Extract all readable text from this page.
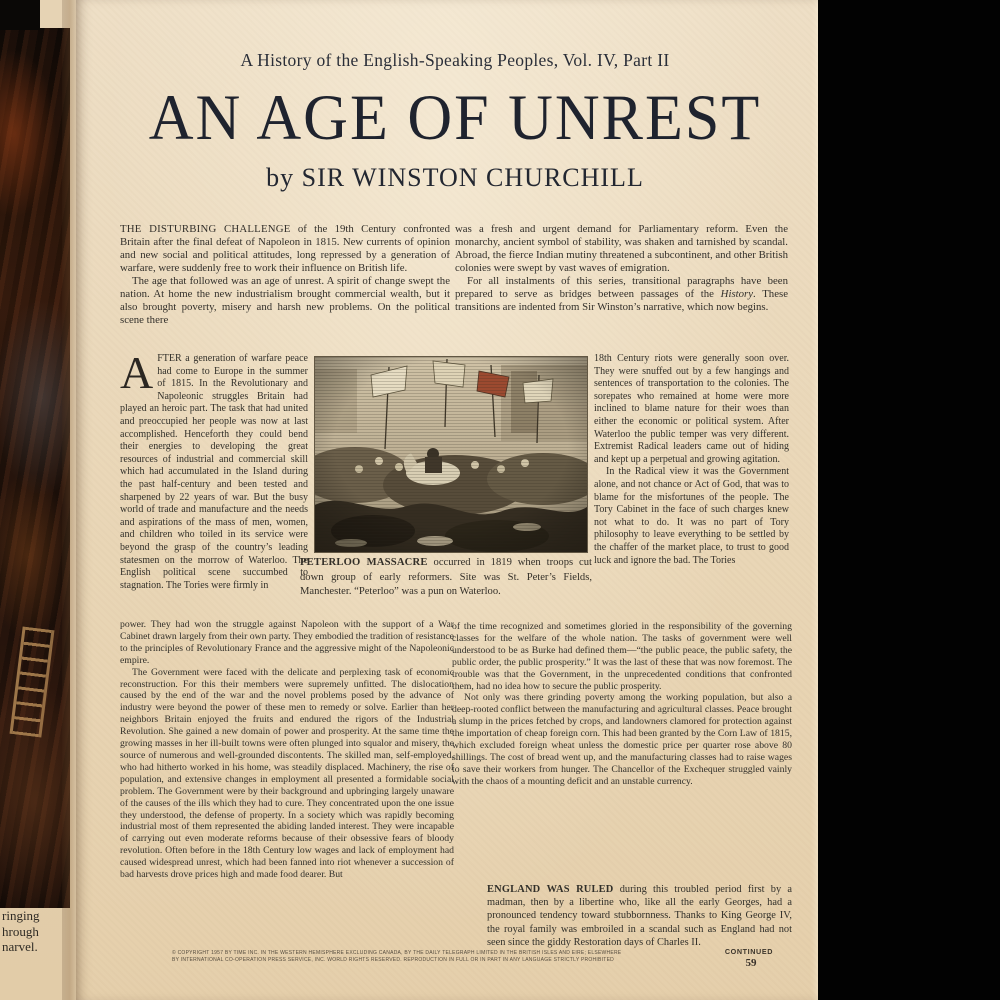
ringing
hrough
narvel.
A History of the English-Speaking Peoples, Vol. IV, Part II
AN AGE OF UNREST
by SIR WINSTON CHURCHILL

THE DISTURBING CHALLENGE of the 19th Century confronted Britain after the final defeat of Napoleon in 1815. New currents of opinion and new social and political attitudes, long repressed by a generation of warfare, were suddenly free to work their influence on British life.

The age that followed was an age of unrest. A spirit of change swept the nation. At home the new industrialism brought commercial wealth, but it also brought poverty, misery and harsh new problems. On the political scene there

was a fresh and urgent demand for Parliamentary reform. Even the monarchy, ancient symbol of stability, was shaken and tarnished by scandal. Abroad, the fierce Indian mutiny threatened a subcontinent, and other British colonies were swept by vast waves of emigration.

For all instalments of this series, transitional paragraphs have been prepared to serve as bridges between passages of the History. These transitions are indented from Sir Winston’s narrative, which now begins.

AFTER a generation of warfare peace had come to Europe in the summer of 1815. In the Revolutionary and Napoleonic struggles Britain had played an heroic part. The task that had united and preoccupied her people was now at last accomplished. Henceforth they could bend their energies to developing the great resources of industrial and commercial skill which had accumulated in the Island during the past half-century and been tested and sharpened by 22 years of war. But the busy world of trade and manufacture and the needs and aspirations of the mass of men, women, and children who toiled in its service were beyond the grasp of the country’s leading statesmen on the morrow of Waterloo. The English political scene succumbed to stagnation. The Tories were firmly in
PETERLOO MASSACRE occurred in 1819 when troops cut down group of early reformers. Site was St. Peter’s Fields, Manchester. “Peterloo” was a pun on Waterloo.

18th Century riots were generally soon over. They were snuffed out by a few hangings and sentences of transportation to the colonies. The sorepates who remained at home were more inclined to blame nature for their woes than either the economic or political system. After Waterloo the public temper was very different. Extremist Radical leaders came out of hiding and kept up a perpetual and growing agitation.

In the Radical view it was the Government alone, and not chance or Act of God, that was to blame for the misfortunes of the people. The Tory Cabinet in the face of such charges knew not what to do. It was no part of Tory philosophy to leave everything to be settled by the chaffer of the market place, to trust to good luck and ignore the bad. The Tories

power. They had won the struggle against Napoleon with the support of a War Cabinet drawn largely from their own party. They embodied the tradition of resistance to the principles of Revolutionary France and the aggressive might of the Napoleonic empire.

The Government were faced with the delicate and perplexing task of economic reconstruction. For this their members were supremely unfitted. The dislocation caused by the end of the war and the novel problems posed by the advance of industry were beyond the power of these men to remedy or solve. Earlier than her neighbors Britain enjoyed the fruits and endured the rigors of the Industrial Revolution. She gained a new domain of power and prosperity. At the same time the growing masses in her ill-built towns were often plunged into squalor and misery, the source of numerous and well-grounded discontents. The skilled man, self-employed, who had hitherto worked in his home, was steadily displaced. Machinery, the rise of population, and extensive changes in employment all presented a formidable social problem. The Government were by their background and upbringing largely unaware of the causes of the ills which they had to cure. They concentrated upon the one issue they understood, the defense of property. In a society which was rapidly becoming industrial most of them represented the abiding landed interest. They were incapable of carrying out even moderate reforms because of their obsessive fears of bloody revolution. Often before in the 18th Century low wages and lack of employment had caused widespread unrest, which had been fanned into riot whenever a succession of bad harvests drove prices high and made food dearer. But

of the time recognized and sometimes gloried in the responsibility of the governing classes for the welfare of the whole nation. The tasks of government were well understood to be as Burke had defined them—“the public peace, the public safety, the public order, the public prosperity.” It was the last of these that was now foremost. The trouble was that the Government, in the unprecedented conditions that confronted them, had no idea how to secure the public prosperity.

Not only was there grinding poverty among the working population, but also a deep-rooted conflict between the manufacturing and agricultural classes. Peace brought a slump in the prices fetched by crops, and landowners clamored for protection against the importation of cheap foreign corn. This had been granted by the Corn Law of 1815, which excluded foreign wheat unless the domestic price per quarter rose above 80 shillings. The cost of bread went up, and the manufacturing classes had to raise wages to save their workers from hunger. The Chancellor of the Exchequer struggled vainly with the chaos of a mounting deficit and an unstable currency.

ENGLAND WAS RULED during this troubled period first by a madman, then by a libertine who, like all the early Georges, had a pronounced tendency toward stubbornness. Thanks to King George IV, the royal family was embroiled in a scandal such as England had not seen since the giddy Restoration days of Charles II.
© COPYRIGHT 1957 BY TIME INC. IN THE WESTERN HEMISPHERE EXCLUDING CANADA, BY THE DAILY TELEGRAPH LIMITED IN THE BRITISH ISLES AND EIRE; ELSEWHERE
BY INTERNATIONAL CO-OPERATION PRESS SERVICE, INC. WORLD RIGHTS RESERVED. REPRODUCTION IN FULL OR IN PART IN ANY LANGUAGE STRICTLY PROHIBITED
CONTINUED
59
